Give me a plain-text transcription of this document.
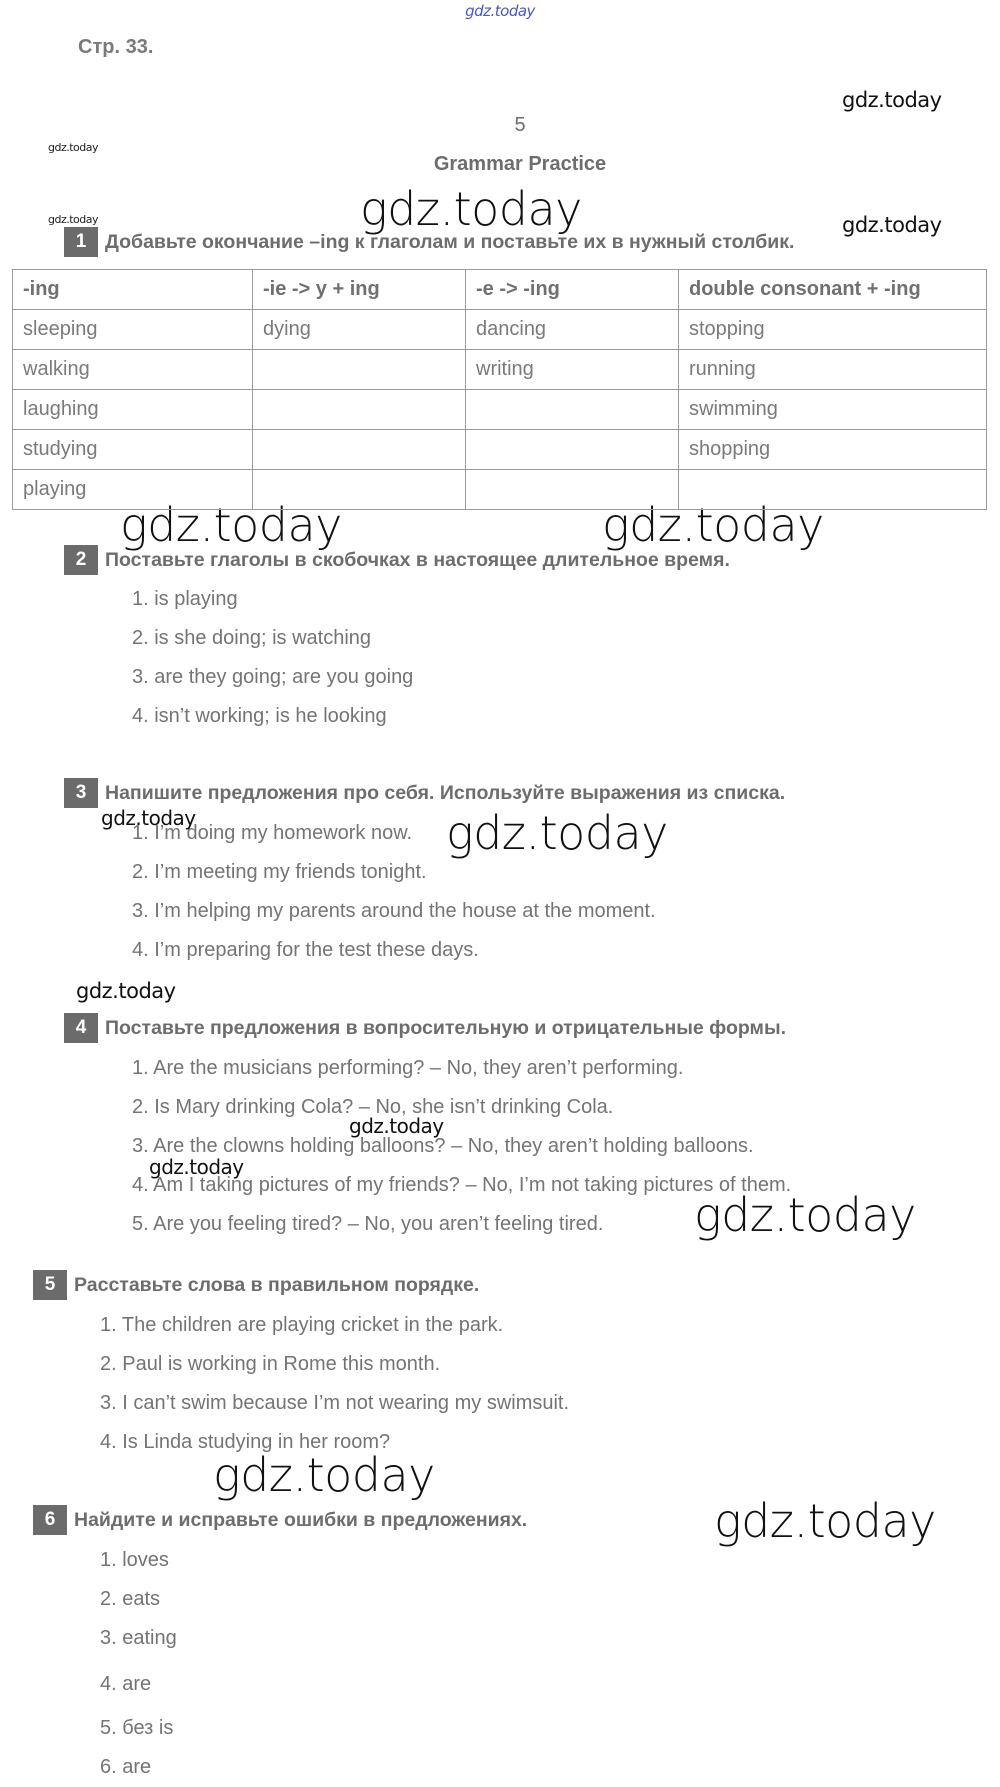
gdz.today
Стр. 33.
5
Grammar Practice
gdz.today
gdz.today
gdz.today	gdz.today	gdz.today
gdz.today	gdz.today
gdz.today	gdz.today
gdz.today
gdz.today
gdz.today
gdz.today
gdz.today
gdz.today
1 Добавьте окончание –ing к глаголам и поставьте их в нужный столбик.
-ing	-ie -> y + ing	-e -> -ing	double consonant + -ing
sleeping	dying	dancing	stopping
walking		writing	running
laughing			swimming
studying			shopping
playing			
2 Поставьте глаголы в скобочках в настоящее длительное время.
1. is playing
2. is she doing; is watching
3. are they going; are you going
4. isn’t working; is he looking
3 Напишите предложения про себя. Используйте выражения из списка.
1. I’m doing my homework now.
2. I’m meeting my friends tonight.
3. I’m helping my parents around the house at the moment.
4. I’m preparing for the test these days.
4 Поставьте предложения в вопросительную и отрицательные формы.
1. Are the musicians performing? – No, they aren’t performing.
2. Is Mary drinking Cola? – No, she isn’t drinking Cola.
3. Are the clowns holding balloons? – No, they aren’t holding balloons.
4. Am I taking pictures of my friends? – No, I’m not taking pictures of them.
5. Are you feeling tired? – No, you aren’t feeling tired.
5 Расставьте слова в правильном порядке.
1. The children are playing cricket in the park.
2. Paul is working in Rome this month.
3. I can’t swim because I’m not wearing my swimsuit.
4. Is Linda studying in her room?
6 Найдите и исправьте ошибки в предложениях.
1. loves
2. eats
3. eating
4. are
5. без is
6. are
